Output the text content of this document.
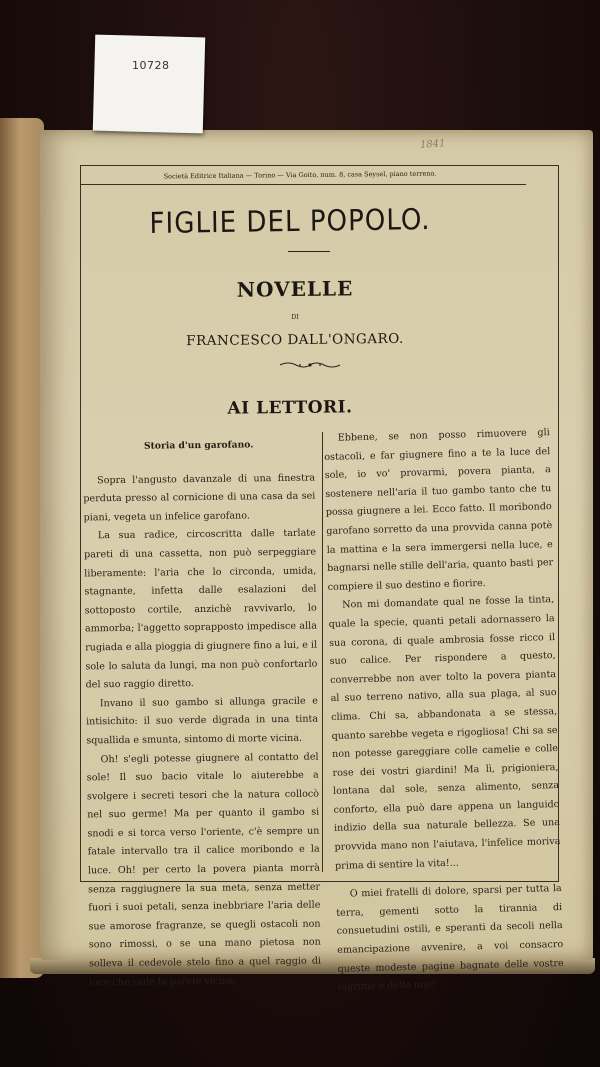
10728
1841
Società Editrice Italiana — Torino — Via Goito, num. 8, casa Seysel, piano terreno.
FIGLIE DEL POPOLO.
NOVELLE
DI
FRANCESCO DALL'ONGARO.
AI LETTORI.

Storia d'un garofano.

Sopra l'angusto davanzale di una finestra perduta presso al cornicione di una casa da sei piani, vegeta un infelice garofano.

La sua radice, circoscritta dalle tarlate pareti di una cassetta, non può serpeggiare liberamente: l'aria che lo circonda, umida, stagnante, infetta dalle esalazioni del sottoposto cortile, anzichè ravvivarlo, lo ammorba; l'aggetto soprapposto impedisce alla rugiada e alla pioggia di giugnere fino a lui, e il sole lo saluta da lungi, ma non può confortarlo del suo raggio diretto.

Invano il suo gambo si allunga gracile e intisichito: il suo verde digrada in una tinta squallida e smunta, sintomo di morte vicina.

Oh! s'egli potesse giugnere al contatto del sole! Il suo bacio vitale lo aiuterebbe a svolgere i secreti tesori che la natura collocò nel suo germe! Ma per quanto il gambo si snodi e si torca verso l'oriente, c'è sempre un fatale intervallo tra il calice moribondo e la luce. Oh! per certo la povera pianta morrà senza raggiugnere la sua meta, senza metter fuori i suoi petali, senza inebbriare l'aria delle sue amorose fragranze, se quegli ostacoli non sono rimossi, o se una mano pietosa non solleva il cedevole stelo fino a quel raggio di luce che rade la parete vicina.

Ebbene, se non posso rimuovere gli ostacoli, e far giugnere fino a te la luce del sole, io vo' provarmi, povera pianta, a sostenere nell'aria il tuo gambo tanto che tu possa giugnere a lei. Ecco fatto. Il moribondo garofano sorretto da una provvida canna potè la mattina e la sera immergersi nella luce, e bagnarsi nelle stille dell'aria, quanto basti per compiere il suo destino e fiorire.

Non mi domandate qual ne fosse la tinta, quale la specie, quanti petali adornassero la sua corona, di quale ambrosia fosse ricco il suo calice. Per rispondere a questo, converrebbe non aver tolto la povera pianta al suo terreno nativo, alla sua plaga, al suo clima. Chi sa, abbandonata a se stessa, quanto sarebbe vegeta e rigogliosa! Chi sa se non potesse gareggiare colle camelie e colle rose dei vostri giardini! Ma lì, prigioniera, lontana dal sole, senza alimento, senza conforto, ella può dare appena un languido indizio della sua naturale bellezza. Se una provvida mano non l'aiutava, l'infelice moriva prima di sentire la vita!...

O miei fratelli di dolore, sparsi per tutta la terra, gementi sotto la tirannia di consuetudini ostili, e speranti da secoli nella emancipazione avvenire, a voi consacro queste modeste pagine bagnate delle vostre lagrime e delle mie!
